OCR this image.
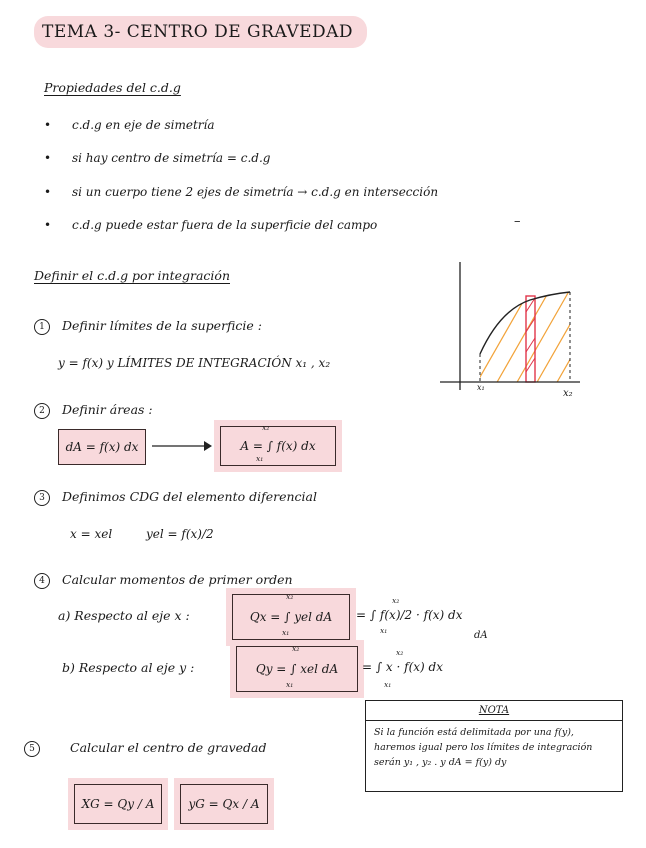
TEMA 3- CENTRO DE GRAVEDAD
Propiedades del c.d.g
• c.d.g en eje de simetría
• si hay centro de simetría = c.d.g
• si un cuerpo tiene 2 ejes de simetría → c.d.g en intersección
• c.d.g puede estar fuera de la superficie del campo	–
Definir el c.d.g por integración
1 Definir límites de la superficie :
y = f(x) y LÍMITES DE INTEGRACIÓN x₁ , x₂
x₁
x₂
2 Definir áreas :
dA = f(x) dx	A = ∫ f(x) dx
x₂
x₁
3 Definimos CDG del elemento diferencial
x = xel	yel = f(x)/2
4 Calcular momentos de primer orden
a) Respecto al eje x :	Qx = ∫ yel dA
x₂
x₁
= ∫ f(x)/2 · f(x) dx
x₂
x₁	dA
b) Respecto al eje y :	Qy = ∫ xel dA
x₂
x₁
= ∫ x · f(x) dx
x₂
x₁
NOTA
Si la función está delimitada por una f(y), haremos igual pero los límites de integración serán y₁ , y₂ . y dA = f(y) dy
5	Calcular el centro de gravedad
XG = Qy / A	yG = Qx / A
